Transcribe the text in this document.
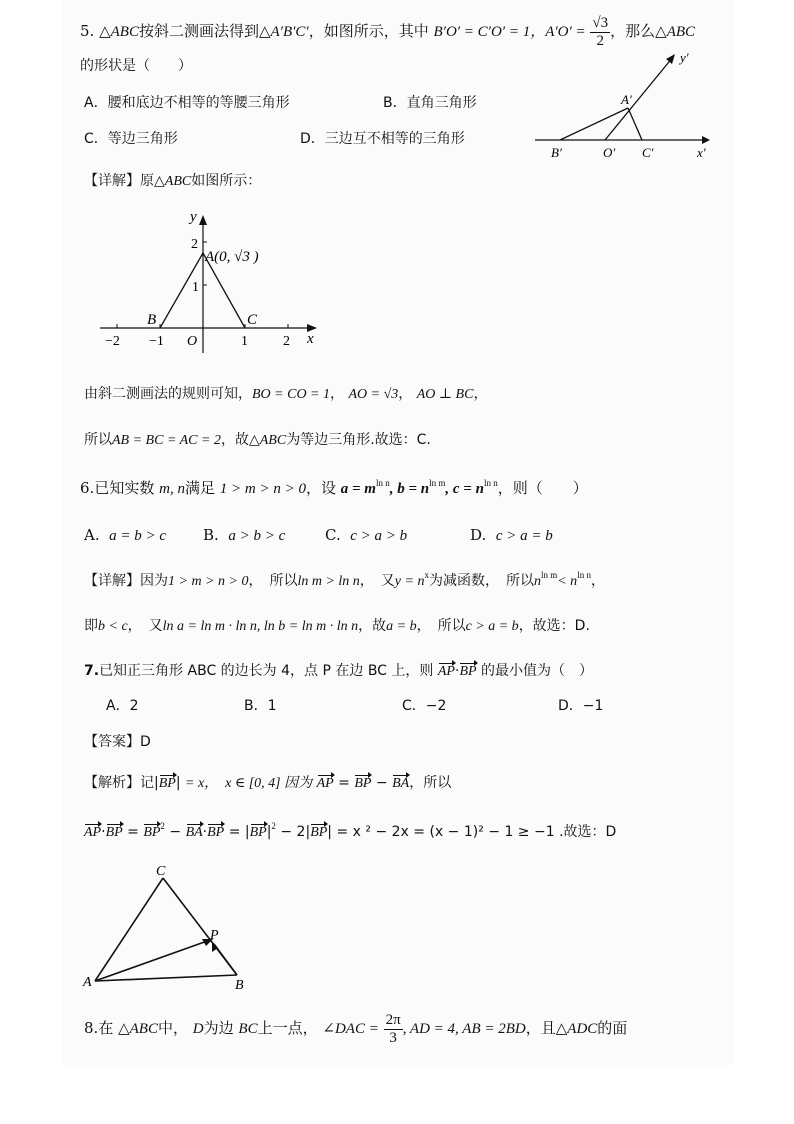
5. △ABC按斜二测画法得到△A′B′C′，如图所示，其中 B′O′ = C′O′ = 1，$A'O' = \frac{√3}{2}$ ，那么△ABC
的形状是（　　）
A．腰和底边不相等的等腰三角形	B．直角三角形
C．等边三角形	D．三边互不相等的三角形
y′
A′
B′	O′ C′	x′
【详解】原△ABC如图所示：
y
x
2
1
A(0, √3 )
B	C
−2 −1 O	1	2
由斜二测画法的规则可知，BO = CO = 1， AO = √3， AO ⊥ BC，
所以AB = BC = AC = 2，故△ABC为等边三角形.故选：C.
6.已知实数 m, n满足 1 > m > n > 0，设 $a = m^{ln n}$, $b = n^{ln m}$, $c = n^{ln n}$，则（　　）
A. a = b > c B. a > b > c	C. c > a > b	D. c > a = b
【详解】因为1 > m > n > 0，　所以ln m > ln n，　又$y = n^x$为减函数，　所以$n^{ln m}< n^{ln n}$，
即b < c，　又ln a = ln m · ln n, ln b = ln m · ln n，故a = b，　所以c > a = b，故选：D.
7.已知正三角形 ABC 的边长为 4，点 P 在边 BC 上，则 AP·BP 的最小值为（　）
A．2	B．1	C．−2	D．−1
【答案】D
【解析】记|BP| = x，　x ∈ [0, 4] 因为 AP = BP − BA，所以
$AP\cdot BP = BP^2 - BA\cdot BP = |BP|^2 - 2|BP| = x$ ² − 2x = (x − 1)² − 1 ≥ −1 .故选：D
C
P
A	B
8.在 △ABC中， D为边 BC上一点， ∠DAC = $\frac{2\pi}{3}$ , AD = 4, AB = 2BD，且△ADC的面
